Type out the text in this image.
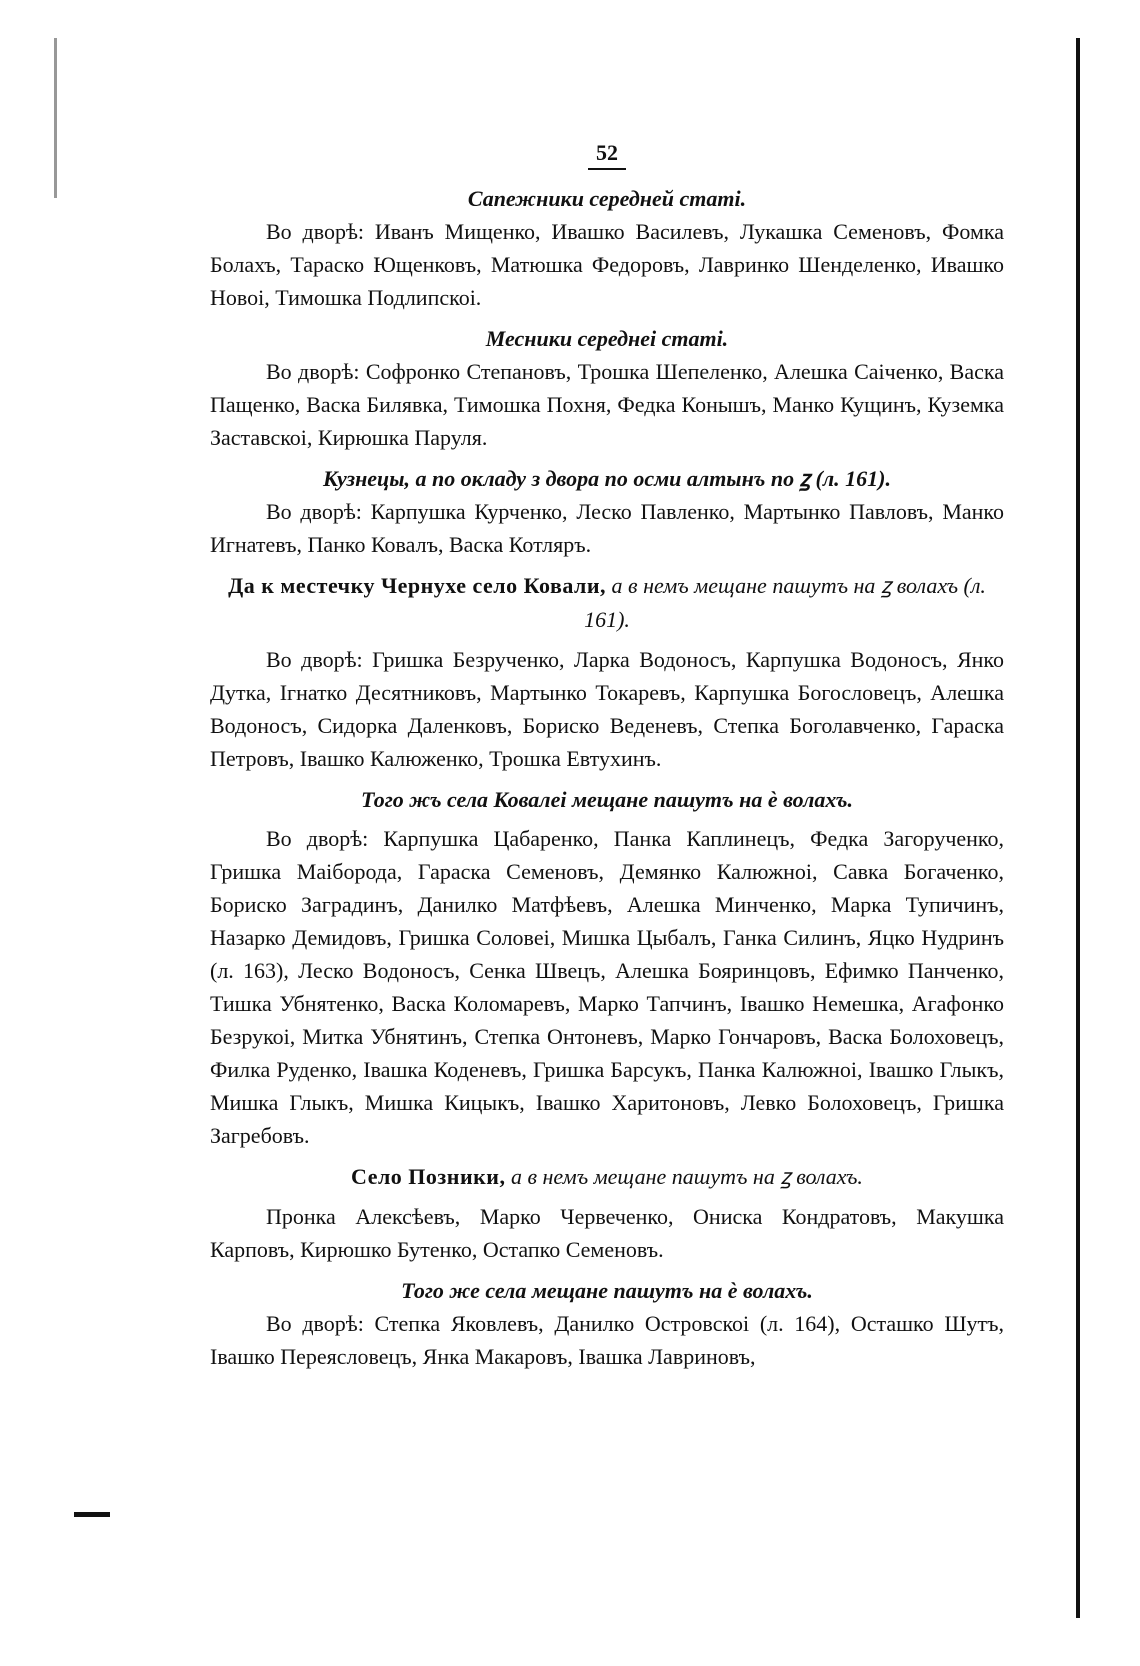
52

Сапежники середней статі.

Во дворѣ: Иванъ Мищенко, Ивашко Василевъ, Лукашка Семеновъ, Фомка Болахъ, Тараско Ющенковъ, Матюшка Федоровъ, Лавринко Шенделенко, Ивашко Новоі, Тимошка Подлипскоі.

Месники середнеі статі.

Во дворѣ: Софронко Степановъ, Трошка Шепеленко, Алешка Саіченко, Васка Пащенко, Васка Билявка, Тимошка Похня, Федка Конышъ, Манко Кущинъ, Куземка Заставскоі, Кирюшка Паруля.

Кузнецы, а по окладу з двора по осми алтынъ по ꙁ (л. 161).

Во дворѣ: Карпушка Курченко, Леско Павленко, Мартынко Павловъ, Манко Игнатевъ, Панко Ковалъ, Васка Котляръ.

Да к местечку Чернухе село Ковали, а в немъ мещане пашутъ на ꙁ волахъ (л. 161).

Во дворѣ: Гришка Безрученко, Ларка Водоносъ, Карпушка Водоносъ, Янко Дутка, Ігнатко Десятниковъ, Мартынко Токаревъ, Карпушка Богословецъ, Алешка Водоносъ, Сидорка Даленковъ, Бориско Веденевъ, Степка Боголавченко, Гараска Петровъ, Івашко Калюженко, Трошка Евтухинъ.

Того жъ села Ковалеі мещане пашутъ на ѐ волахъ.

Во дворѣ: Карпушка Цабаренко, Панка Каплинецъ, Федка Загорученко, Гришка Маіборода, Гараска Семеновъ, Демянко Калюжноі, Савка Богаченко, Бориско Заградинъ, Данилко Матфѣевъ, Алешка Минченко, Марка Тупичинъ, Назарко Демидовъ, Гришка Соловеі, Мишка Цыбалъ, Ганка Силинъ, Яцко Нудринъ (л. 163), Леско Водоносъ, Сенка Швецъ, Алешка Бояринцовъ, Ефимко Панченко, Тишка Убнятенко, Васка Коломаревъ, Марко Тапчинъ, Івашко Немешка, Агафонко Безрукоі, Митка Убнятинъ, Степка Онтоневъ, Марко Гончаровъ, Васка Болоховецъ, Филка Руденко, Івашка Коденевъ, Гришка Барсукъ, Панка Калюжноі, Івашко Глыкъ, Мишка Глыкъ, Мишка Кицыкъ, Івашко Харитоновъ, Левко Болоховецъ, Гришка Загребовъ.

Село Позники, а в немъ мещане пашутъ на ꙁ волахъ.

Пронка Алексѣевъ, Марко Червеченко, Ониска Кондратовъ, Макушка Карповъ, Кирюшко Бутенко, Остапко Семеновъ.

Того же села мещане пашутъ на ѐ волахъ.

Во дворѣ: Степка Яковлевъ, Данилко Островскоі (л. 164), Осташко Шутъ, Івашко Переясловецъ, Янка Макаровъ, Івашка Лавриновъ,
